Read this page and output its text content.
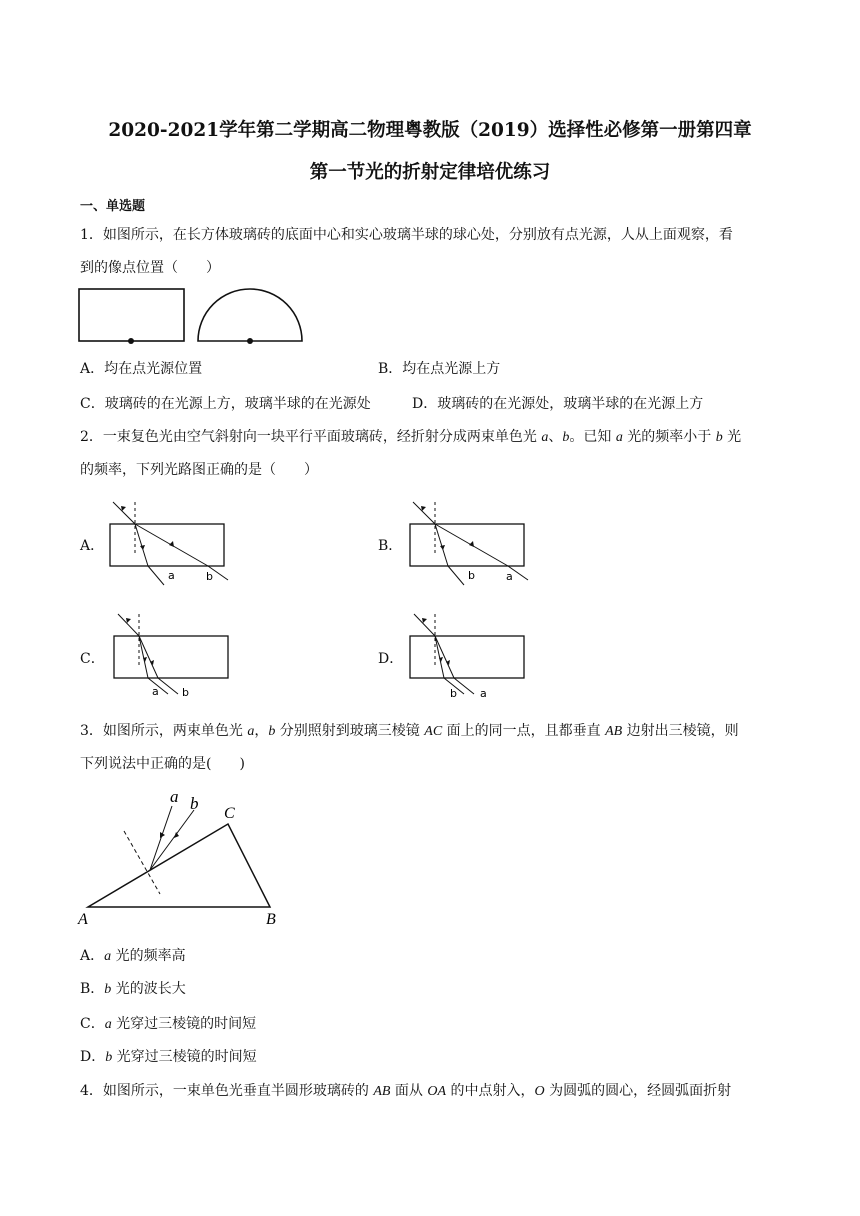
2020-2021学年第二学期高二物理粤教版（2019）选择性必修第一册第四章
第一节光的折射定律培优练习
一、单选题
1．如图所示，在长方体玻璃砖的底面中心和实心玻璃半球的球心处，分别放有点光源，人从上面观察，看
到的像点位置（　　）
A．均在点光源位置	B．均在点光源上方
C．玻璃砖的在光源上方，玻璃半球的在光源处	D．玻璃砖的在光源处，玻璃半球的在光源上方
2．一束复色光由空气斜射向一块平行平面玻璃砖，经折射分成两束单色光 a、b。已知 a 光的频率小于 b 光
的频率，下列光路图正确的是（　　）
A．
a	b
B．
b	a
C．
a b
D．
b a
3．如图所示，两束单色光 a，b 分别照射到玻璃三棱镜 AC 面上的同一点，且都垂直 AB 边射出三棱镜，则
下列说法中正确的是(　　)
a b
C
A	B
A．a 光的频率高
B．b 光的波长大
C．a 光穿过三棱镜的时间短
D．b 光穿过三棱镜的时间短
4．如图所示，一束单色光垂直半圆形玻璃砖的 AB 面从 OA 的中点射入，O 为圆弧的圆心，经圆弧面折射
